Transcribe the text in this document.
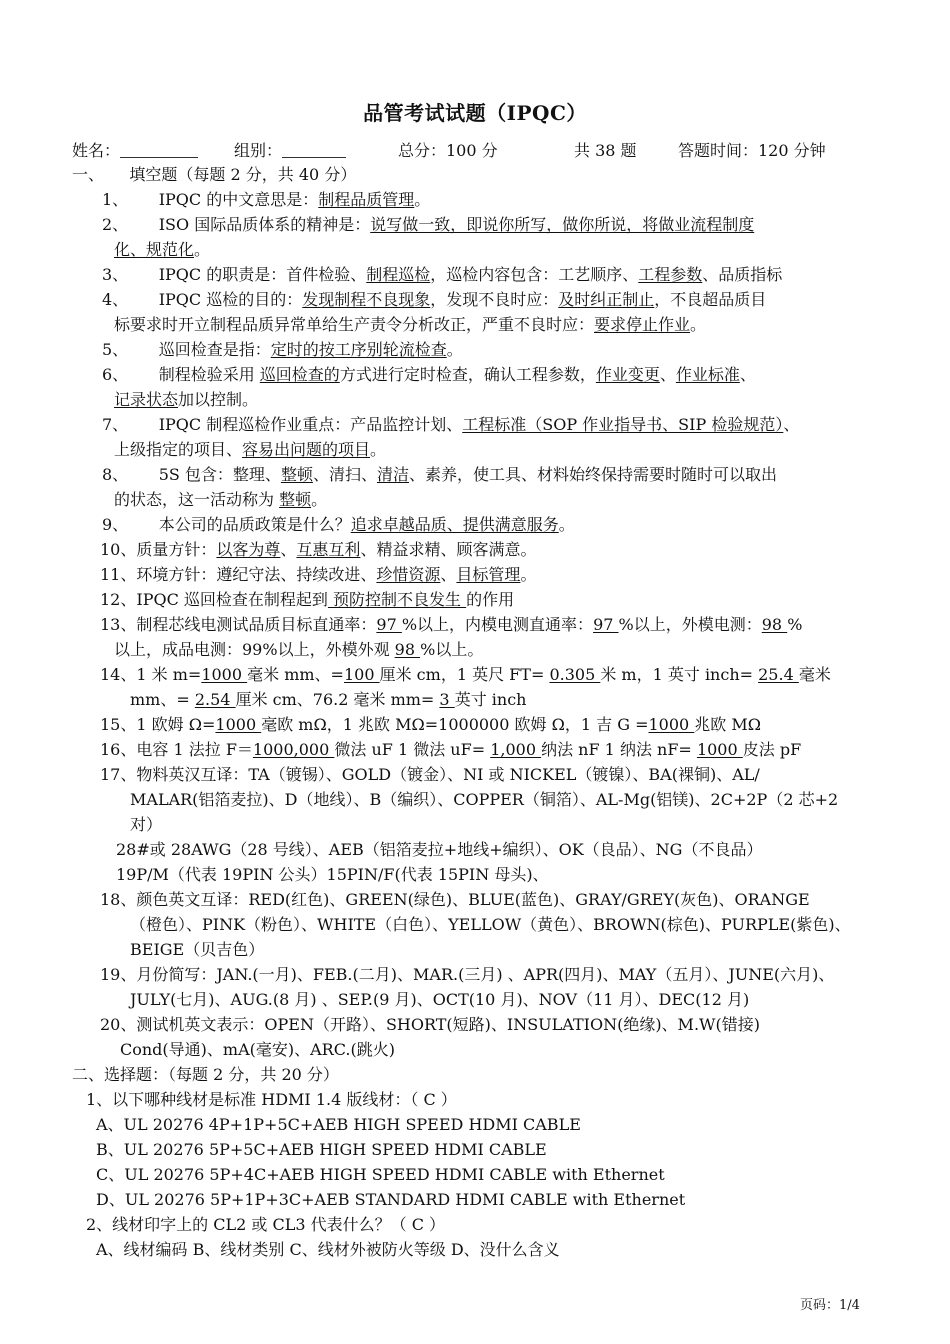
品管考试试题（IPQC）
姓名：	组别：	总分：100 分	共 38 题	答题时间：120 分钟

一、     填空题（每题 2 分，共 40 分）

1、 IPQC 的中文意思是：制程品质管理。

2、 ISO 国际品质体系的精神是：说写做一致，即说你所写，做你所说，将做业流程制度

化、规范化。

3、 IPQC 的职责是：首件检验、制程巡检，巡检内容包含：工艺顺序、工程参数、品质指标

4、 IPQC 巡检的目的：发现制程不良现象，发现不良时应：及时纠正制止，不良超品质目

标要求时开立制程品质异常单给生产责令分析改正，严重不良时应：要求停止作业。

5、 巡回检查是指：定时的按工序别轮流检查。

6、 制程检验采用 巡回检查的方式进行定时检查，确认工程参数，作业变更、作业标准、

记录状态加以控制。

7、 IPQC 制程巡检作业重点：产品监控计划、工程标准（SOP 作业指导书、SIP 检验规范）、

上级指定的项目、容易出问题的项目。

8、 5S 包含：整理、整顿、清扫、清洁、素养，使工具、材料始终保持需要时随时可以取出

的状态，这一活动称为 整顿。

9、 本公司的品质政策是什么？追求卓越品质、提供满意服务。

10、质量方针：以客为尊、互惠互利、精益求精、顾客满意。

11、环境方针：遵纪守法、持续改进、珍惜资源、目标管理。

12、IPQC 巡回检查在制程起到 预防控制不良发生 的作用

13、制程芯线电测试品质目标直通率：97 %以上，内模电测直通率：97 %以上，外模电测：98 %

以上，成品电测：99%以上，外模外观 98 %以上。

14、1 米 m=1000 毫米 mm、=100 厘米 cm，1 英尺 FT= 0.305 米 m，1 英寸 inch= 25.4 毫米

mm、= 2.54 厘米 cm、76.2 毫米 mm= 3 英寸 inch

15、1 欧姆 Ω=1000 毫欧 mΩ，1 兆欧 MΩ=1000000 欧姆 Ω，1 吉 G =1000 兆欧 MΩ

16、电容 1 法拉 F＝1000,000 微法 uF 1 微法 uF= 1,000 纳法 nF 1 纳法 nF= 1000 皮法 pF

17、物料英汉互译：TA（镀锡）、GOLD（镀金）、NI 或 NICKEL（镀镍）、BA(裸铜)、AL/

MALAR(铝箔麦拉)、D（地线）、B（编织）、COPPER（铜箔）、AL-Mg(铝镁)、2C+2P（2 芯+2

对）

28#或 28AWG（28 号线）、AEB（铝箔麦拉+地线+编织）、OK（良品）、NG（不良品）

19P/M（代表 19PIN 公头）15PIN/F(代表 15PIN 母头)、

18、颜色英文互译：RED(红色)、GREEN(绿色)、BLUE(蓝色)、GRAY/GREY(灰色)、ORANGE

（橙色）、PINK（粉色）、WHITE（白色）、YELLOW（黄色）、BROWN(棕色)、PURPLE(紫色)、

BEIGE（贝吉色）

19、月份简写：JAN.(一月)、FEB.(二月)、MAR.(三月) 、APR(四月)、MAY（五月）、JUNE(六月)、

JULY(七月)、AUG.(8 月) 、SEP.(9 月)、OCT(10 月)、NOV（11 月）、DEC(12 月)

20、测试机英文表示：OPEN（开路）、SHORT(短路)、INSULATION(绝缘)、M.W(错接)

Cond(导通)、mA(毫安)、ARC.(跳火)

二、选择题：（每题 2 分，共 20 分）

1、以下哪种线材是标准 HDMI 1.4 版线材：（ C ）

A、UL 20276 4P+1P+5C+AEB HIGH SPEED HDMI CABLE

B、UL 20276 5P+5C+AEB HIGH SPEED HDMI CABLE

C、UL 20276 5P+4C+AEB HIGH SPEED HDMI CABLE with Ethernet

D、UL 20276 5P+1P+3C+AEB STANDARD HDMI CABLE with Ethernet

2、线材印字上的 CL2 或 CL3 代表什么？（ C ）

A、线材编码 B、线材类别 C、线材外被防火等级 D、没什么含义

页码：1/4
